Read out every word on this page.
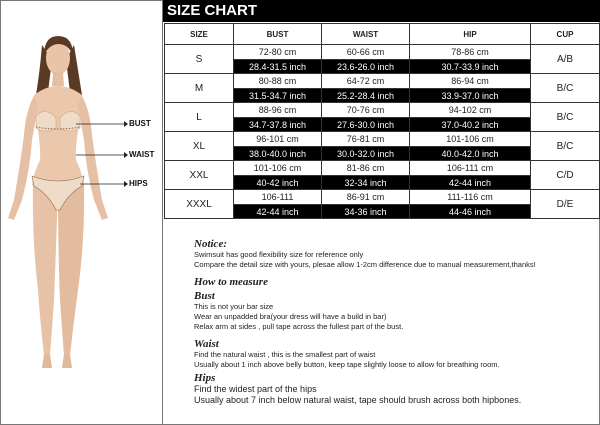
BUST
WAIST
HIPS
SIZE CHART
SIZE	BUST	WAIST	HIP	CUP
S	72-80 cm	60-66 cm	78-86 cm	A/B
	28.4-31.5 inch	23.6-26.0 inch	30.7-33.9 inch	
M	80-88 cm	64-72 cm	86-94 cm	B/C
	31.5-34.7 inch	25.2-28.4 inch	33.9-37.0 inch	
L	88-96 cm	70-76 cm	94-102 cm	B/C
	34.7-37.8 inch	27.6-30.0 inch	37.0-40.2 inch	
XL	96-101 cm	76-81 cm	101-106 cm	B/C
	38.0-40.0 inch	30.0-32.0 inch	40.0-42.0 inch	
XXL	101-106 cm	81-86 cm	106-111 cm	C/D
	40-42 inch	32-34 inch	42-44 inch	
XXXL	106-111	86-91 cm	111-116 cm	D/E
	42-44 inch	34-36 inch	44-46 inch	
Notice:
Swimsuit has good flexibility size for reference only
Compare the detail size with yours, plesae allow 1-2cm difference due to manual measurement,thanks!
How to measure
Bust
This is not your bar size
Wear an unpadded bra(your dress will have a build in bar)
Relax arm at sides , pull tape across the fullest part of the bust.
Waist
Find the natural waist , this is the smallest part of waist
Usually about 1 inch above belly button, keep tape slightly loose to allow for breathing room.
Hips
Find the widest part of the hips
Usually about 7 inch below natural waist, tape should brush across both hipbones.
